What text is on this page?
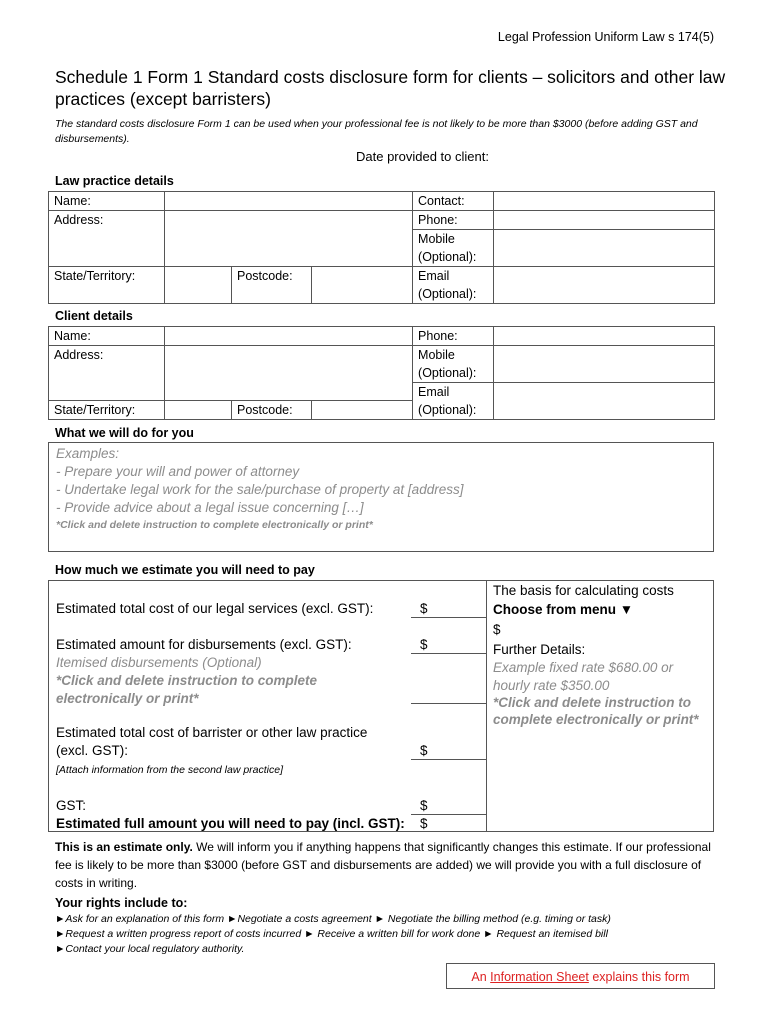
Legal Profession Uniform Law s 174(5)
Schedule 1 Form 1 Standard costs disclosure form for clients – solicitors and other law practices (except barristers)
The standard costs disclosure Form 1 can be used when your professional fee is not likely to be more than $3000 (before adding GST and disbursements).
Date provided to client:
Law practice details
Name:				Contact:	
Address:				Phone:	
				Mobile (Optional):	
State/Territory:		Postcode:		Email (Optional):	
Client details
Name:				Phone:	
Address:				Mobile (Optional):	
				Email (Optional):	
State/Territory:		Postcode:			
What we will do for you
Examples:
- Prepare your will and power of attorney
- Undertake legal work for the sale/purchase of property at [address]
- Provide advice about a legal issue concerning […]
*Click and delete instruction to complete electronically or print*
How much we estimate you will need to pay
Estimated total cost of our legal services (excl. GST):	$
Estimated amount for disbursements (excl. GST):	$
Itemised disbursements (Optional)
*Click and delete instruction to complete electronically or print*
Estimated total cost of barrister or other law practice
(excl. GST):	$
[Attach information from the second law practice]
GST:	$
Estimated full amount you will need to pay (incl. GST): $
The basis for calculating costs
Choose from menu ▼
$
Further Details:
Example fixed rate $680.00 or
hourly rate $350.00
*Click and delete instruction to complete electronically or print*
This is an estimate only. We will inform you if anything happens that significantly changes this estimate. If our professional fee is likely to be more than $3000 (before GST and disbursements are added) we will provide you with a full disclosure of costs in writing.
Your rights include to:
►Ask for an explanation of this form ►Negotiate a costs agreement ► Negotiate the billing method (e.g. timing or task)
►Request a written progress report of costs incurred ► Receive a written bill for work done ► Request an itemised bill
►Contact your local regulatory authority.
An Information Sheet explains this form
